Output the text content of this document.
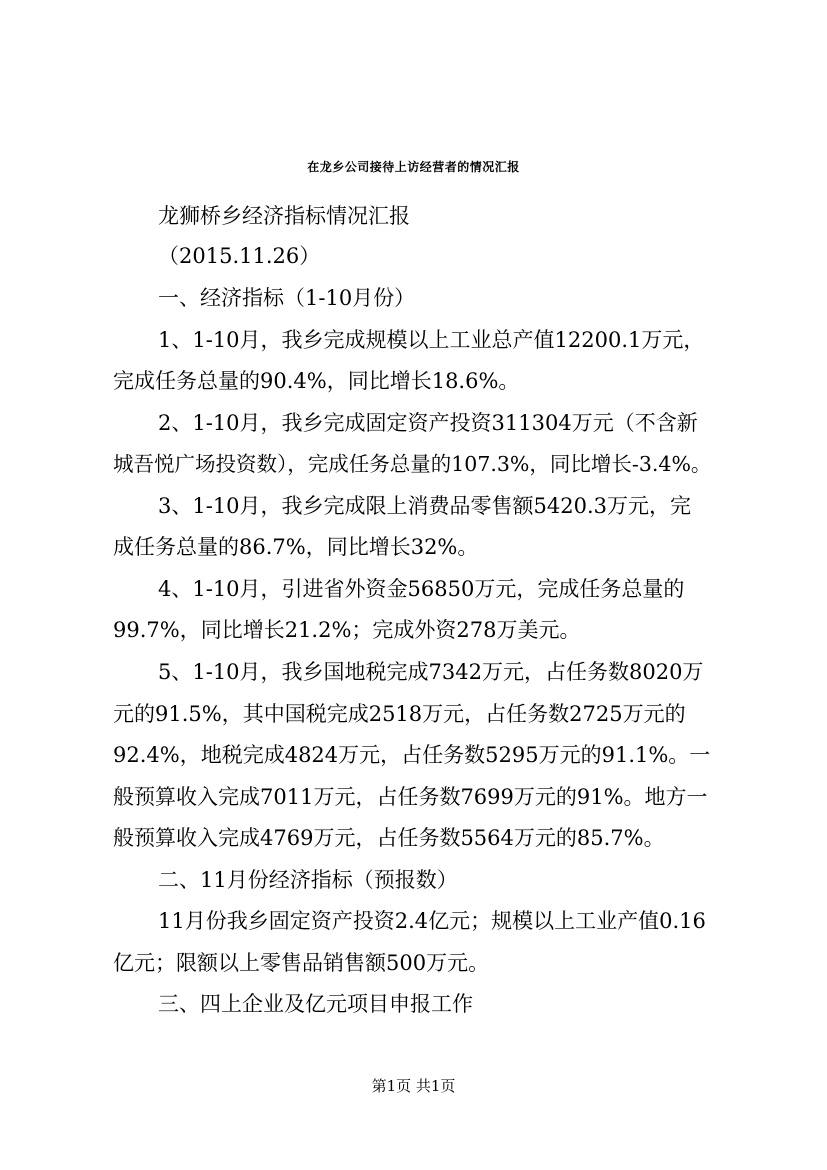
在龙乡公司接待上访经营者的情况汇报
龙狮桥乡经济指标情况汇报
（2015.11.26）
一、经济指标（1-10月份）
1、1-10月，我乡完成规模以上工业总产值12200.1万元，
完成任务总量的90.4%，同比增长18.6%。
2、1-10月，我乡完成固定资产投资311304万元（不含新
城吾悦广场投资数），完成任务总量的107.3%，同比增长-3.4%。
3、1-10月，我乡完成限上消费品零售额5420.3万元，完
成任务总量的86.7%，同比增长32%。
4、1-10月，引进省外资金56850万元，完成任务总量的
99.7%，同比增长21.2%；完成外资278万美元。
5、1-10月，我乡国地税完成7342万元，占任务数8020万
元的91.5%，其中国税完成2518万元，占任务数2725万元的
92.4%，地税完成4824万元，占任务数5295万元的91.1%。一
般预算收入完成7011万元，占任务数7699万元的91%。地方一
般预算收入完成4769万元，占任务数5564万元的85.7%。
二、11月份经济指标（预报数）
11月份我乡固定资产投资2.4亿元；规模以上工业产值0.16
亿元；限额以上零售品销售额500万元。
三、四上企业及亿元项目申报工作
第1页 共1页
